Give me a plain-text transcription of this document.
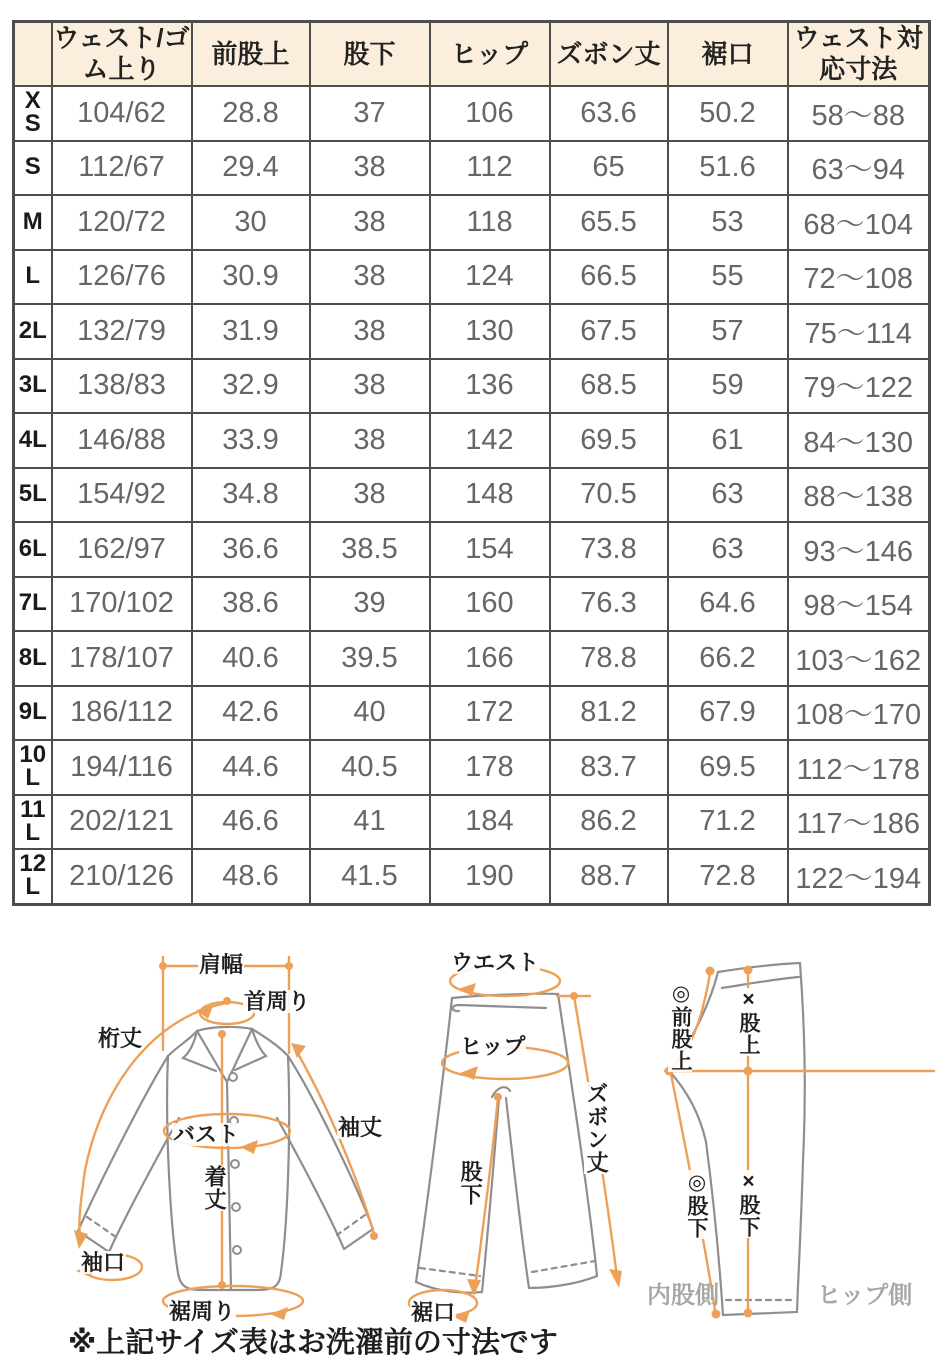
	ウェスト/ゴム上り	前股上	股下	ヒップ	ズボン丈	裾口	ウェスト対応寸法
XS	104/62	28.8	37	106	63.6	50.2	58〜88
S	112/67	29.4	38	112	65	51.6	63〜94
M	120/72	30	38	118	65.5	53	68〜104
L	126/76	30.9	38	124	66.5	55	72〜108
2L	132/79	31.9	38	130	67.5	57	75〜114
3L	138/83	32.9	38	136	68.5	59	79〜122
4L	146/88	33.9	38	142	69.5	61	84〜130
5L	154/92	34.8	38	148	70.5	63	88〜138
6L	162/97	36.6	38.5	154	73.8	63	93〜146
7L	170/102	38.6	39	160	76.3	64.6	98〜154
8L	178/107	40.6	39.5	166	78.8	66.2	103〜162
9L	186/112	42.6	40	172	81.2	67.9	108〜170
10L	194/116	44.6	40.5	178	83.7	69.5	112〜178
11L	202/121	46.6	41	184	86.2	71.2	117〜186
12L	210/126	48.6	41.5	190	88.7	72.8	122〜194
肩幅
首周り
桁丈
バスト	袖丈
着丈
袖口
裾周り
ウエスト
ヒップ
ズボン丈
股下
裾口
◎前股上 ×股上
◎股下 ×股下
内股側	ヒップ側
※上記サイズ表はお洗濯前の寸法です
